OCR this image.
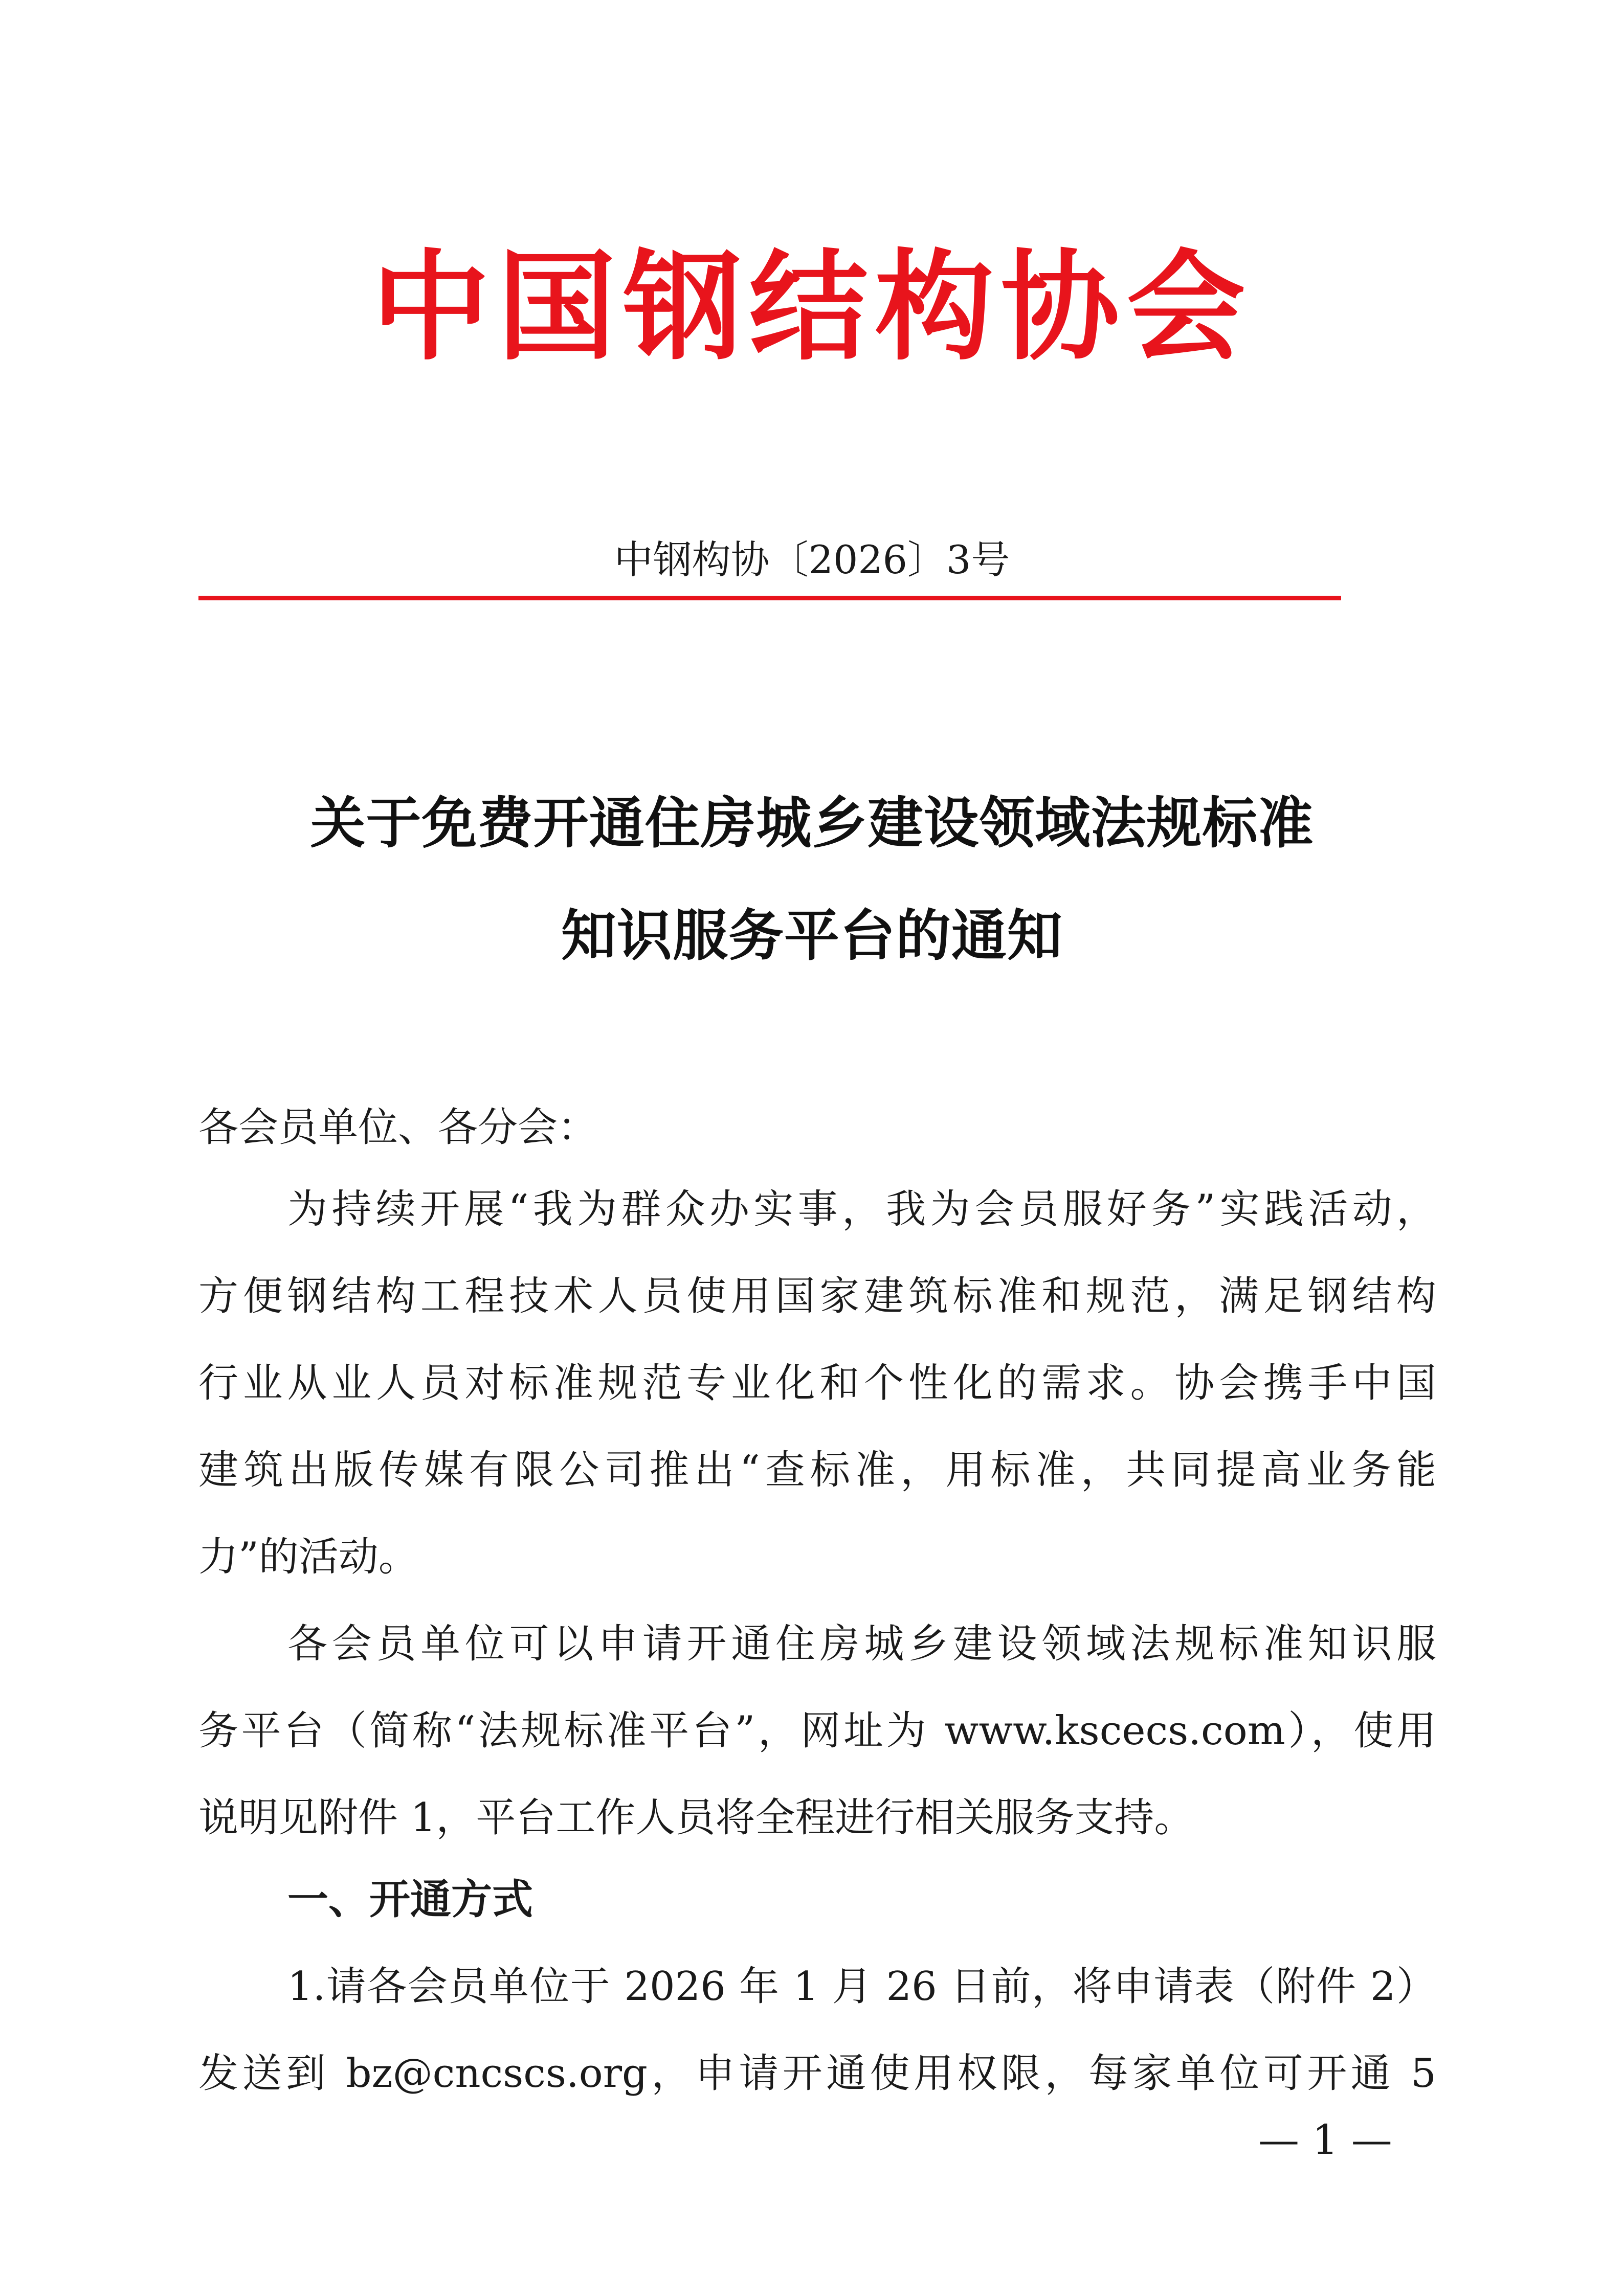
中国钢结构协会
中钢构协〔2026〕3号
关于免费开通住房城乡建设领域法规标准
知识服务平台的通知
各会员单位、各分会：
为持续开展“我为群众办实事，我为会员服好务”实践活动，
方便钢结构工程技术人员使用国家建筑标准和规范，满足钢结构
行业从业人员对标准规范专业化和个性化的需求。协会携手中国
建筑出版传媒有限公司推出“查标准，用标准，共同提高业务能
力”的活动。
各会员单位可以申请开通住房城乡建设领域法规标准知识服
务平台（简称“法规标准平台”，网址为 www.kscecs.com），使用
说明见附件 1，平台工作人员将全程进行相关服务支持。
一、开通方式
1.请各会员单位于 2026 年 1 月 26 日前，将申请表（附件 2）
发送到 bz@cncscs.org，申请开通使用权限，每家单位可开通 5
— 1 —
